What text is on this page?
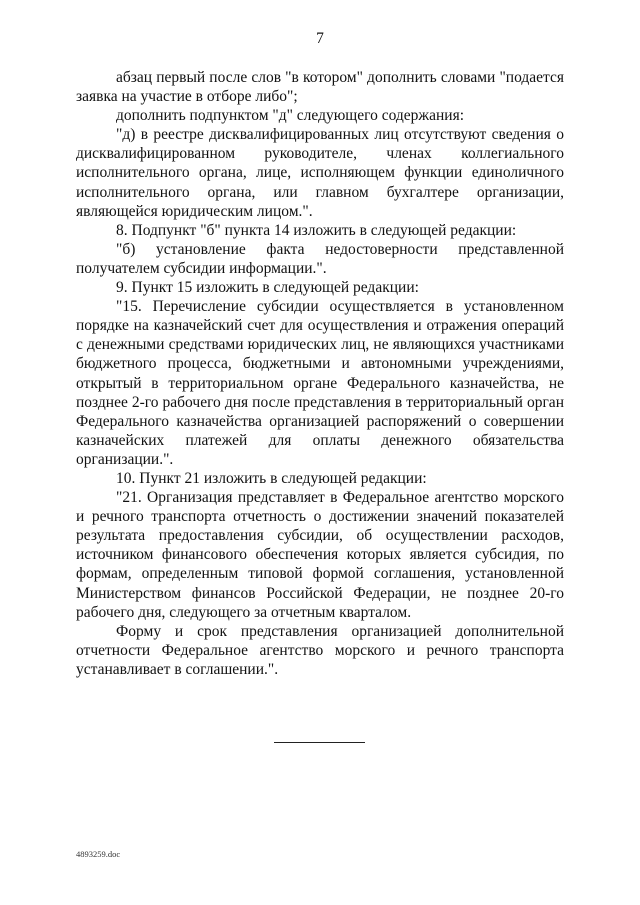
7

абзац первый после слов "в котором" дополнить словами "подается заявка на участие в отборе либо";

дополнить подпунктом "д" следующего содержания:

"д) в реестре дисквалифицированных лиц отсутствуют сведения о дисквалифицированном руководителе, членах коллегиального исполнительного органа, лице, исполняющем функции единоличного исполнительного органа, или главном бухгалтере организации, являющейся юридическим лицом.".

8. Подпункт "б" пункта 14 изложить в следующей редакции:

"б) установление факта недостоверности представленной получателем субсидии информации.".

9. Пункт 15 изложить в следующей редакции:

"15. Перечисление субсидии осуществляется в установленном порядке на казначейский счет для осуществления и отражения операций с денежными средствами юридических лиц, не являющихся участниками бюджетного процесса, бюджетными и автономными учреждениями, открытый в территориальном органе Федерального казначейства, не позднее 2-го рабочего дня после представления в территориальный орган Федерального казначейства организацией распоряжений о совершении казначейских платежей для оплаты денежного обязательства организации.".

10. Пункт 21 изложить в следующей редакции:

"21. Организация представляет в Федеральное агентство морского и речного транспорта отчетность о достижении значений показателей результата предоставления субсидии, об осуществлении расходов, источником финансового обеспечения которых является субсидия, по формам, определенным типовой формой соглашения, установленной Министерством финансов Российской Федерации, не позднее 20-го рабочего дня, следующего за отчетным кварталом.

Форму и срок представления организацией дополнительной отчетности Федеральное агентство морского и речного транспорта устанавливает в соглашении.".

4893259.doc
